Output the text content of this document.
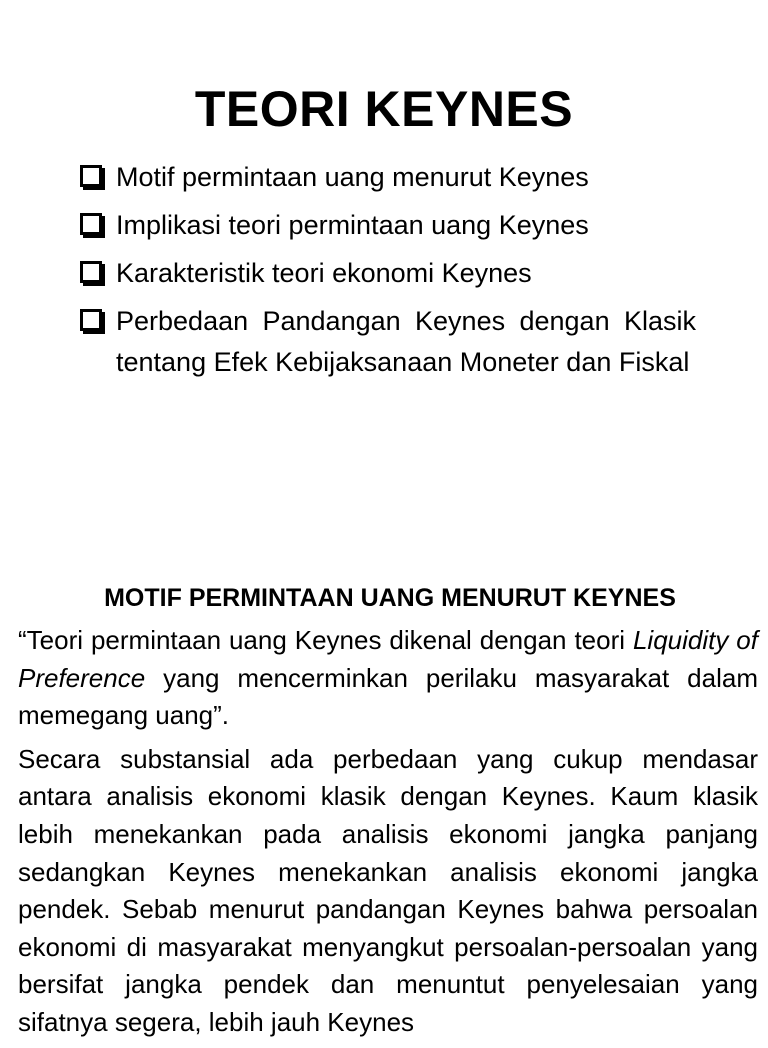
TEORI KEYNES
Motif permintaan uang menurut Keynes
Implikasi teori permintaan uang Keynes
Karakteristik teori ekonomi Keynes
Perbedaan Pandangan Keynes dengan Klasik tentang Efek Kebijaksanaan Moneter dan Fiskal
MOTIF PERMINTAAN UANG MENURUT KEYNES

“Teori permintaan uang Keynes dikenal dengan teori Liquidity of Preference yang mencerminkan perilaku masyarakat dalam memegang uang”.

Secara substansial ada perbedaan yang cukup mendasar antara analisis ekonomi klasik dengan Keynes. Kaum klasik lebih menekankan pada analisis ekonomi jangka panjang sedangkan Keynes menekankan analisis ekonomi jangka pendek. Sebab menurut pandangan Keynes bahwa persoalan ekonomi di masyarakat menyangkut persoalan-persoalan yang bersifat jangka pendek dan menuntut penyelesaian yang sifatnya segera, lebih jauh Keynes
